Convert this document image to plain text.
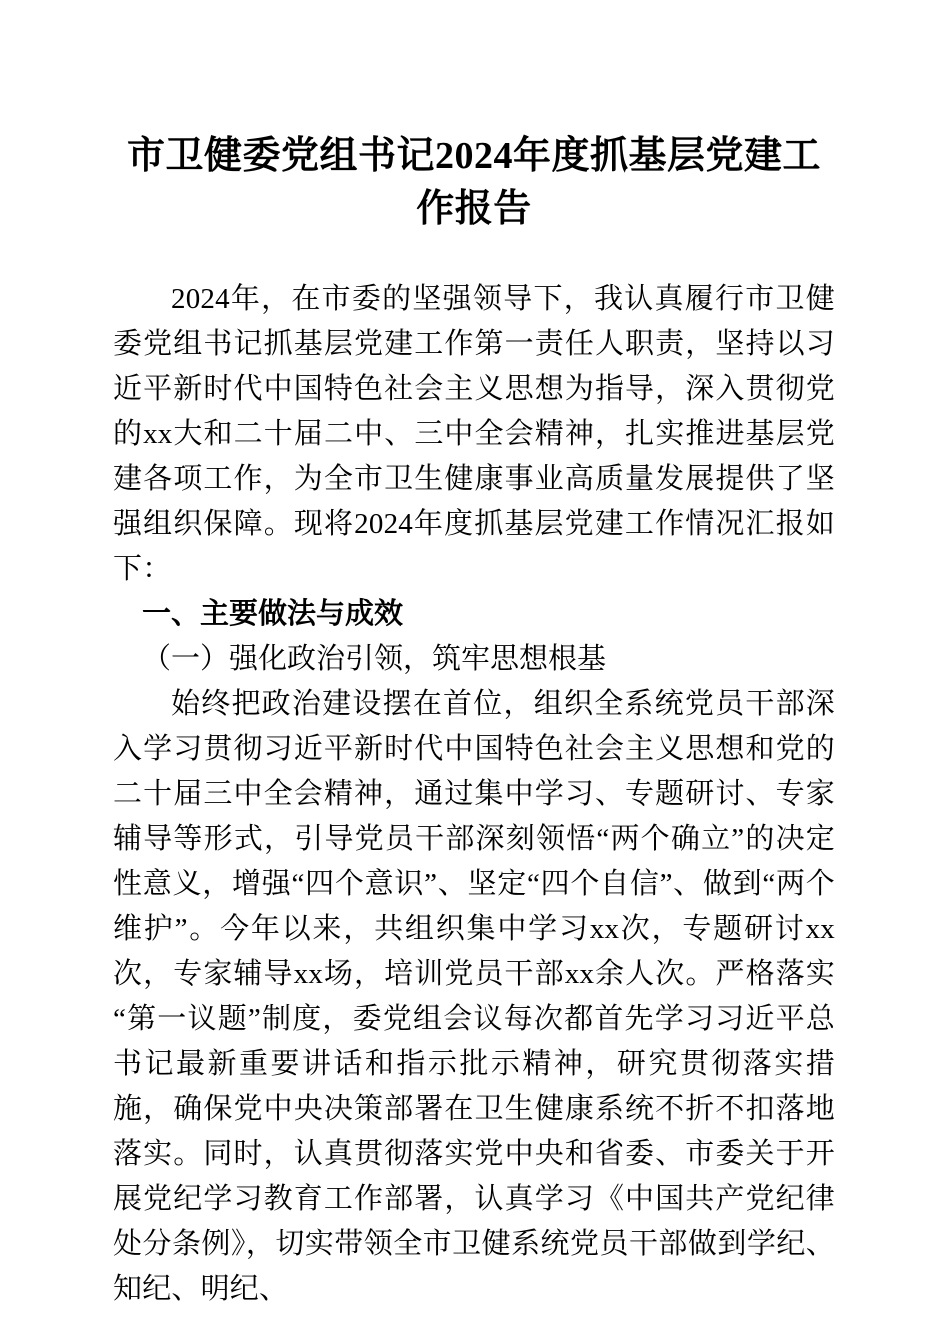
市卫健委党组书记2024年度抓基层党建工作报告

2024年，在市委的坚强领导下，我认真履行市卫健委党组书记抓基层党建工作第一责任人职责，坚持以习近平新时代中国特色社会主义思想为指导，深入贯彻党的xx大和二十届二中、三中全会精神，扎实推进基层党建各项工作，为全市卫生健康事业高质量发展提供了坚强组织保障。现将2024年度抓基层党建工作情况汇报如下：

一、主要做法与成效
（一）强化政治引领，筑牢思想根基

始终把政治建设摆在首位，组织全系统党员干部深入学习贯彻习近平新时代中国特色社会主义思想和党的二十届三中全会精神，通过集中学习、专题研讨、专家辅导等形式，引导党员干部深刻领悟“两个确立”的决定性意义，增强“四个意识”、坚定“四个自信”、做到“两个维护”。今年以来，共组织集中学习xx次，专题研讨xx次，专家辅导xx场，培训党员干部xx余人次。严格落实“第一议题”制度，委党组会议每次都首先学习习近平总书记最新重要讲话和指示批示精神，研究贯彻落实措施，确保党中央决策部署在卫生健康系统不折不扣落地落实。同时，认真贯彻落实党中央和省委、市委关于开展党纪学习教育工作部署，认真学习《中国共产党纪律处分条例》，切实带领全市卫健系统党员干部做到学纪、知纪、明纪、
